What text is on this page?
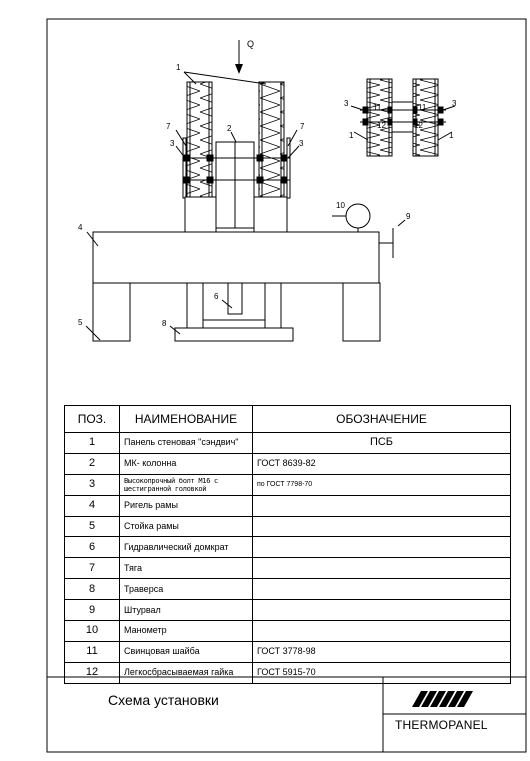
Q
1
2
7	7
3	3
4
5
6
8
9
10
3	3
1	1
11	11
12	12
ПОЗ.	НАИМЕНОВАНИЕ	ОБОЗНАЧЕНИЕ
1	Панель стеновая "сэндвич"	ПСБ
2	МК- колонна	ГОСТ 8639-82
3	Высокопрочный болт М16 с шестигранной головкой	по ГОСТ 7798-70
4	Ригель рамы	
5	Стойка рамы	
6	Гидравлический домкрат	
7	Тяга	
8	Траверса	
9	Штурвал	
10	Манометр	
11	Свинцовая шайба	ГОСТ 3778-98
12	Легкосбрасываемая гайка	ГОСТ 5915-70
Схема установки
THERMOPANEL
